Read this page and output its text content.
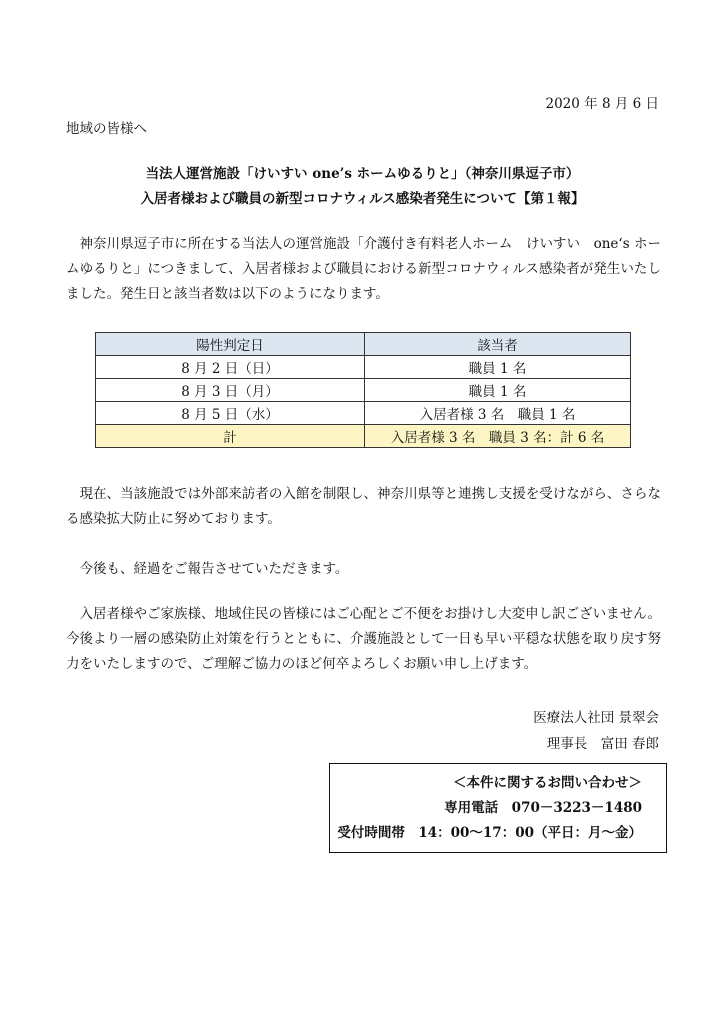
2020 年 8 月 6 日
地域の皆様へ
当法人運営施設「けいすい one’s ホームゆるりと」（神奈川県逗子市）
入居者様および職員の新型コロナウィルス感染者発生について【第１報】
神奈川県逗子市に所在する当法人の運営施設「介護付き有料老人ホーム　けいすい　one‘s ホームゆるりと」につきまして、入居者様および職員における新型コロナウィルス感染者が発生いたしました。発生日と該当者数は以下のようになります。
陽性判定日	該当者
8 月 2 日（日）	職員 1 名
8 月 3 日（月）	職員 1 名
8 月 5 日（水）	入居者様 3 名　職員 1 名
計	入居者様 3 名　職員 3 名：計 6 名
現在、当該施設では外部来訪者の入館を制限し、神奈川県等と連携し支援を受けながら、さらなる感染拡大防止に努めております。
今後も、経過をご報告させていただきます。
入居者様やご家族様、地域住民の皆様にはご心配とご不便をお掛けし大変申し訳ございません。今後より一層の感染防止対策を行うとともに、介護施設として一日も早い平穏な状態を取り戻す努力をいたしますので、ご理解ご協力のほど何卒よろしくお願い申し上げます。
医療法人社団 景翠会
理事長　富田 春郎
＜本件に関するお問い合わせ＞
専用電話　070－3223－1480
受付時間帯　14：00～17：00（平日：月～金）
